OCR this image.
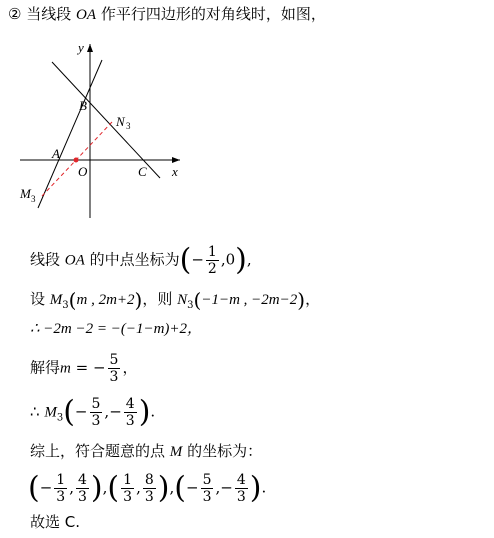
② 当线段 OA 作平行四边形的对角线时，如图，
y
x
B
N 3
A
O	C
M 3
线段 OA 的中点坐标为(− $\frac{1}{2} ,0$),
设 $M_3(m$ , 2m+2)，则 $N_3(-1-m$ , −2m−2)，
∴ −2m −2 = −(−1−m)+2，
解得m = − $\frac{5}{3}$ ，
∴ $M_3(- \frac{5}{3}$ ,− $\frac{4}{3}$ ).
综上，符合题意的点 M 的坐标为：
(− $\frac{1}{3}$ , $\frac{4}{3}$ ),( $\frac{1}{3}$ , $\frac{8}{3}$ ),(− $\frac{5}{3}$ ,− $\frac{4}{3}$ ).
故选 C.
